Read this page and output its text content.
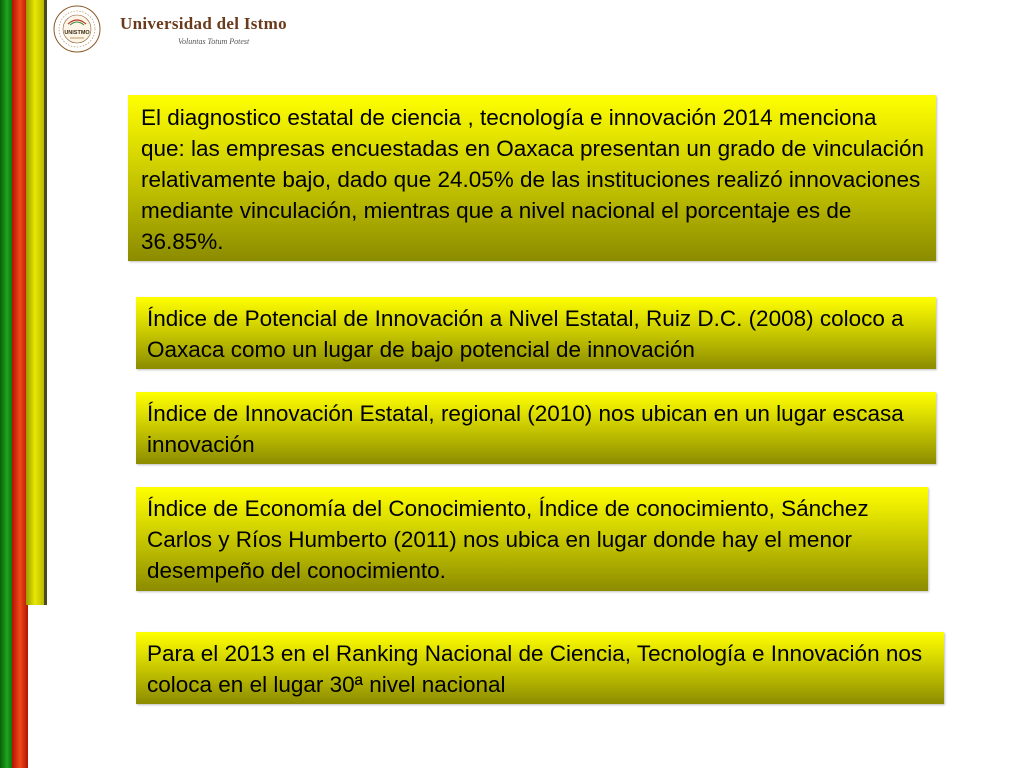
UNISTMO Universidad del Istmo
Voluntas Totum Potest

El diagnostico estatal de ciencia , tecnología e innovación 2014 menciona que: las empresas encuestadas en Oaxaca presentan un grado de vinculación relativamente bajo, dado que 24.05% de las instituciones realizó innovaciones mediante vinculación, mientras que a nivel nacional el porcentaje es de 36.85%.

Índice de Potencial de Innovación a Nivel Estatal, Ruiz D.C. (2008) coloco a Oaxaca como un lugar de bajo potencial de innovación

Índice de Innovación Estatal, regional (2010) nos ubican en un lugar escasa innovación

Índice de Economía del Conocimiento, Índice de conocimiento, Sánchez Carlos y Ríos Humberto (2011) nos ubica en lugar donde hay el menor desempeño del conocimiento.

Para el 2013 en el Ranking Nacional de Ciencia, Tecnología e Innovación nos coloca en el lugar 30ª nivel nacional
